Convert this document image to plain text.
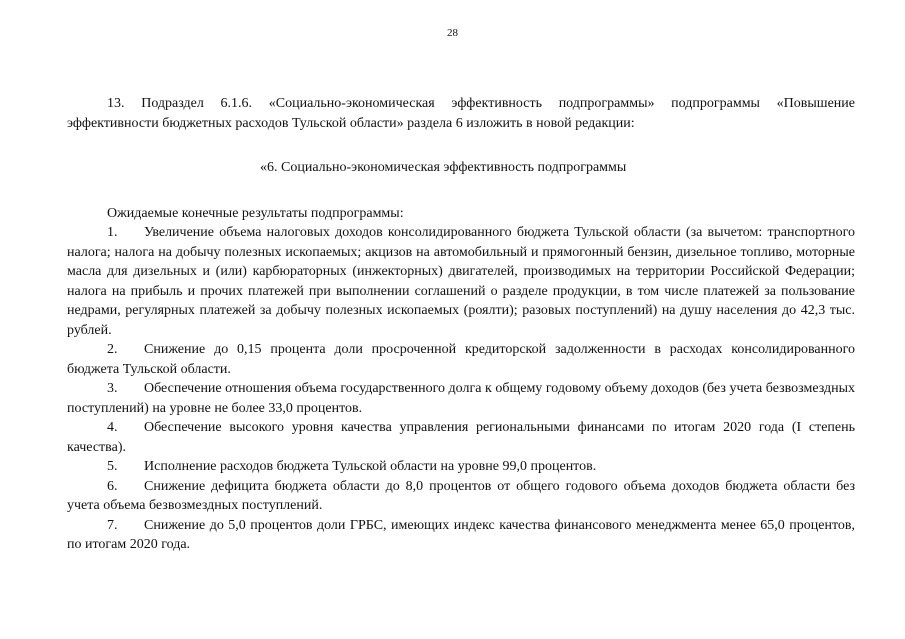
28

13. Подраздел 6.1.6. «Социально-экономическая эффективность подпрограммы» подпрограммы «Повышение эффективности бюджетных расходов Тульской области» раздела 6 изложить в новой редакции:

«6. Социально-экономическая эффективность подпрограммы

Ожидаемые конечные результаты подпрограммы:

1. Увеличение объема налоговых доходов консолидированного бюджета Тульской области (за вычетом: транспортного налога; налога на добычу полезных ископаемых; акцизов на автомобильный и прямогонный бензин, дизельное топливо, моторные масла для дизельных и (или) карбюраторных (инжекторных) двигателей, производимых на территории Российской Федерации; налога на прибыль и прочих платежей при выполнении соглашений о разделе продукции, в том числе платежей за пользование недрами, регулярных платежей за добычу полезных ископаемых (роялти); разовых поступлений) на душу населения до 42,3 тыс. рублей.

2. Снижение до 0,15 процента доли просроченной кредиторской задолженности в расходах консолидированного бюджета Тульской области.

3. Обеспечение отношения объема государственного долга к общему годовому объему доходов (без учета безвозмездных поступлений) на уровне не более 33,0 процентов.

4. Обеспечение высокого уровня качества управления региональными финансами по итогам 2020 года (I степень качества).

5. Исполнение расходов бюджета Тульской области на уровне 99,0 процентов.

6. Снижение дефицита бюджета области до 8,0 процентов от общего годового объема доходов бюджета области без учета объема безвозмездных поступлений.

7. Снижение до 5,0 процентов доли ГРБС, имеющих индекс качества финансового менеджмента менее 65,0 процентов, по итогам 2020 года.
